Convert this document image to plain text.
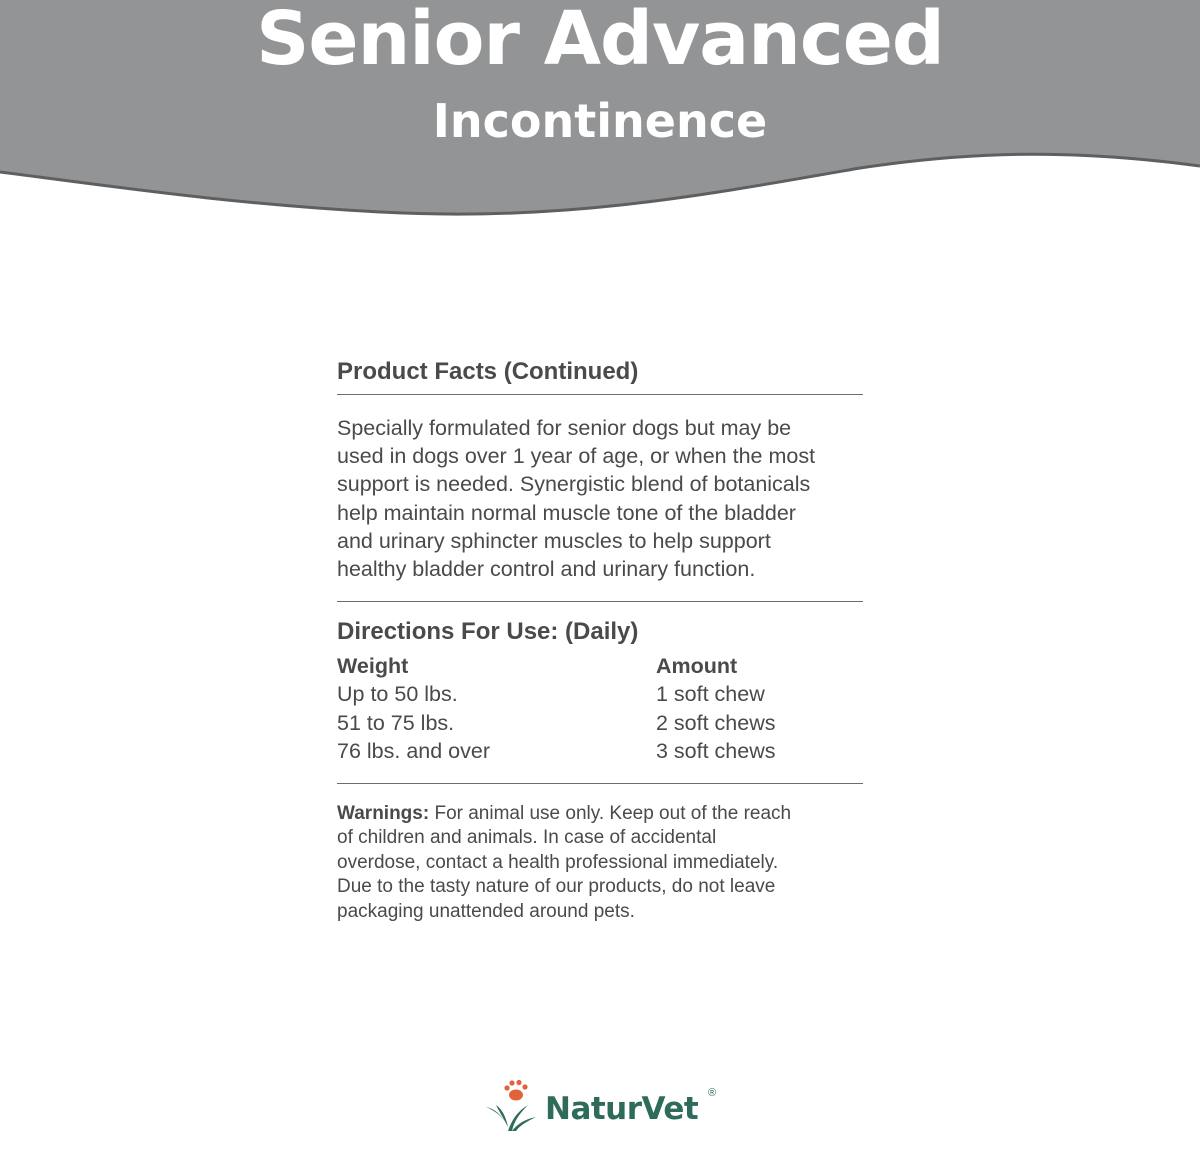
Senior Advanced
Incontinence
Product Facts (Continued)

Specially formulated for senior dogs but may be
used in dogs over 1 year of age, or when the most
support is needed. Synergistic blend of botanicals
help maintain normal muscle tone of the bladder
and urinary sphincter muscles to help support
healthy bladder control and urinary function.

Directions For Use: (Daily)
Weight	Amount
Up to 50 lbs.	1 soft chew
51 to 75 lbs.	2 soft chews
76 lbs. and over	3 soft chews

Warnings: For animal use only. Keep out of the reach
of children and animals. In case of accidental
overdose, contact a health professional immediately.
Due to the tasty nature of our products, do not leave
packaging unattended around pets.

NaturVet ®
